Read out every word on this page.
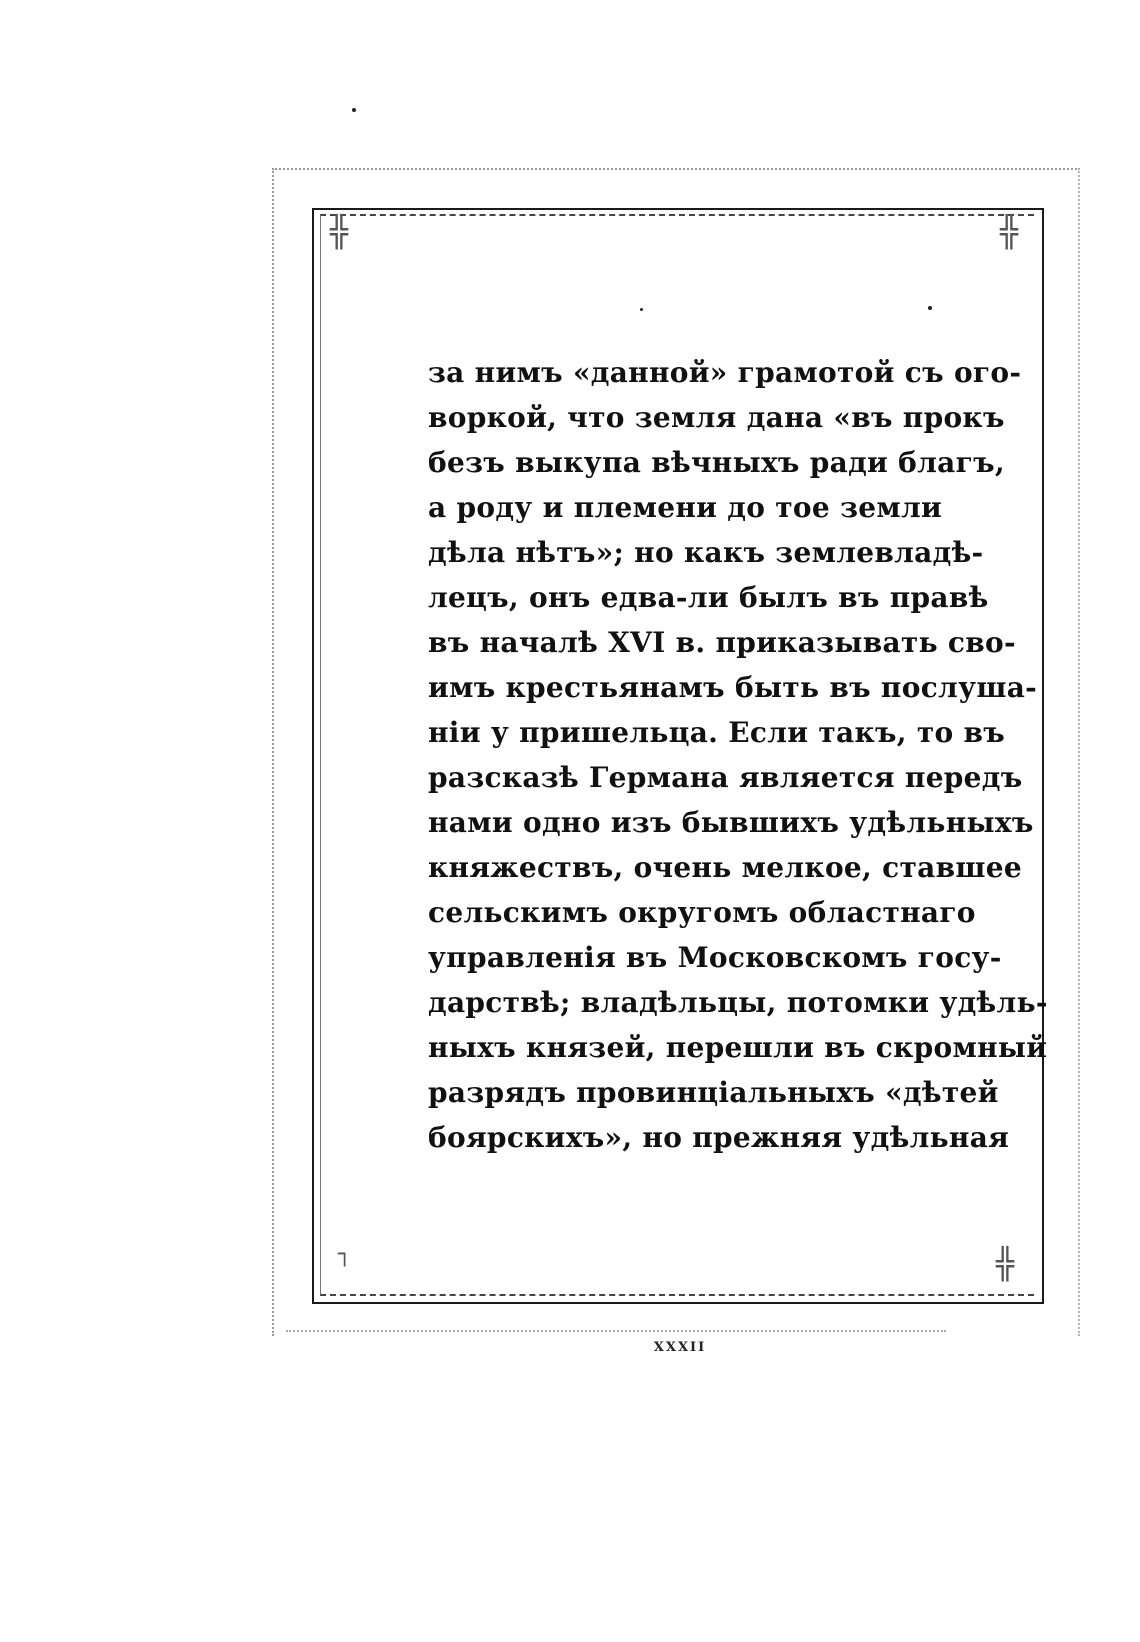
╬	╬
┐	╬
за нимъ «данной» грамотой съ ого-
воркой, что земля дана «въ прокъ
безъ выкупа вѣчныхъ ради благъ,
а роду и племени до тое земли
дѣла нѣтъ»; но какъ землевладѣ-
лецъ, онъ едва-ли былъ въ правѣ
въ началѣ XVI в. приказывать сво-
имъ крестьянамъ быть въ послуша-
нiи у пришельца. Если такъ, то въ
разсказѣ Германа является передъ
нами одно изъ бывшихъ удѣльныхъ
княжествъ, очень мелкое, ставшее
сельскимъ округомъ областнаго
управленiя въ Московскомъ госу-
дарствѣ; владѣльцы, потомки удѣль-
ныхъ князей, перешли въ скромный
разрядъ провинцiальныхъ «дѣтей
боярскихъ», но прежняя удѣльная
XXXII
